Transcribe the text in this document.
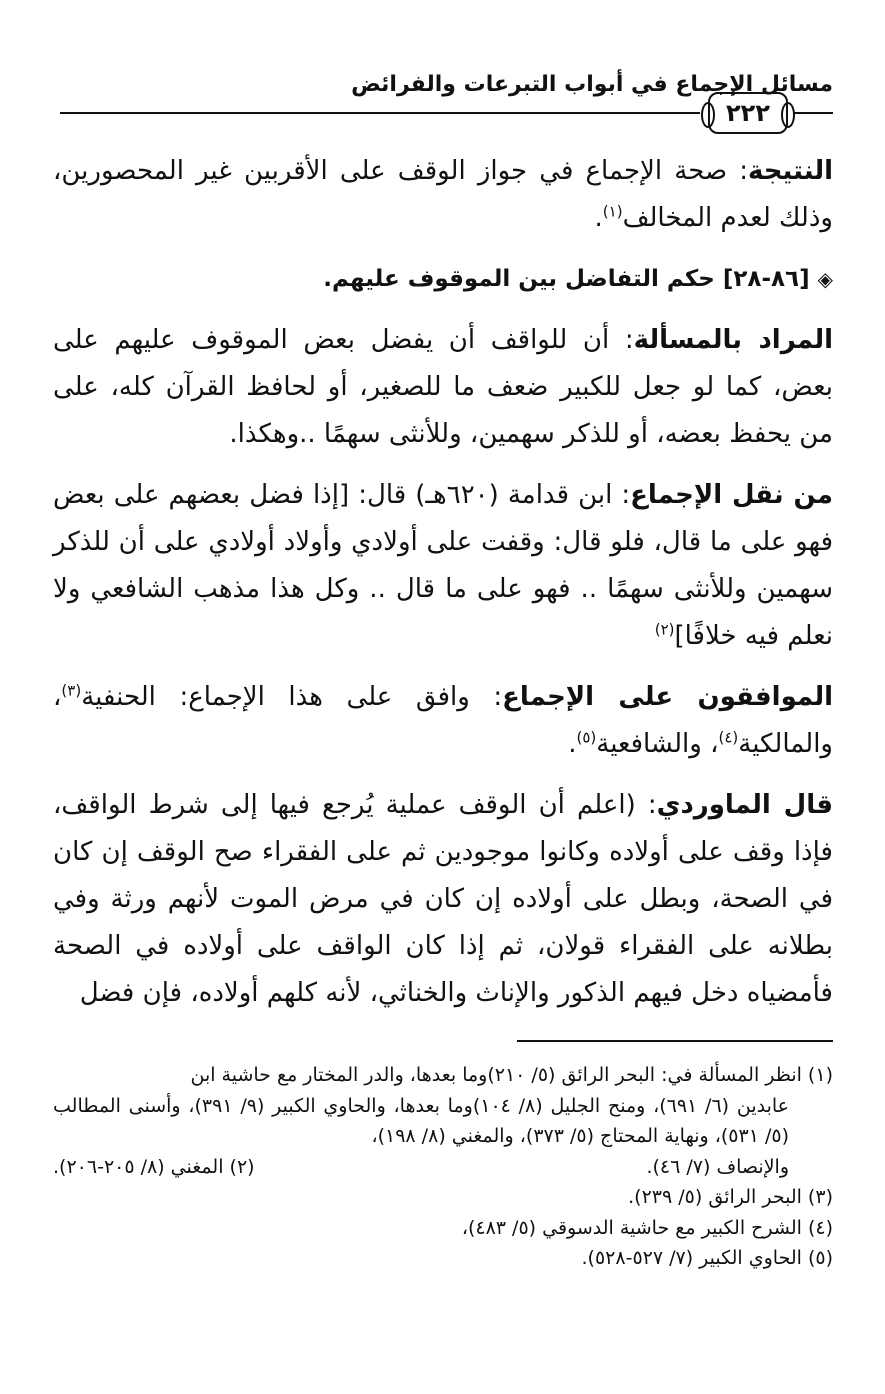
مسائل الإجماع في أبواب التبرعات والفرائض
٢٢٢

النتيجة: صحة الإجماع في جواز الوقف على الأقربين غير المحصورين، وذلك لعدم المخالف$^{(١)}$.

◈ [٨٦-٢٨] حكم التفاضل بين الموقوف عليهم.

المراد بالمسألة: أن للواقف أن يفضل بعض الموقوف عليهم على بعض، كما لو جعل للكبير ضعف ما للصغير، أو لحافظ القرآن كله، على من يحفظ بعضه، أو للذكر سهمين، وللأنثى سهمًا ..وهكذا.

من نقل الإجماع: ابن قدامة (٦٢٠هـ) قال: [إذا فضل بعضهم على بعض فهو على ما قال، فلو قال: وقفت على أولادي وأولاد أولادي على أن للذكر سهمين وللأنثى سهمًا .. فهو على ما قال .. وكل هذا مذهب الشافعي ولا نعلم فيه خلافًا]$^{(٢)}$

الموافقون على الإجماع: وافق على هذا الإجماع: الحنفية$^{(٣)}$، والمالكية$^{(٤)}$، والشافعية$^{(٥)}$.

قال الماوردي: (اعلم أن الوقف عملية يُرجع فيها إلى شرط الواقف، فإذا وقف على أولاده وكانوا موجودين ثم على الفقراء صح الوقف إن كان في الصحة، وبطل على أولاده إن كان في مرض الموت لأنهم ورثة وفي بطلانه على الفقراء قولان، ثم إذا كان الواقف على أولاده في الصحة فأمضياه دخل فيهم الذكور والإناث والخناثي، لأنه كلهم أولاده، فإن فضل

(١) انظر المسألة في: البحر الرائق (٥/ ٢١٠)وما بعدها، والدر المختار مع حاشية ابن

عابدين (٦/ ٦٩١)، ومنح الجليل (٨/ ١٠٤)وما بعدها، والحاوي الكبير (٩/ ٣٩١)، وأسنى المطالب (٥/ ٥٣١)، ونهاية المحتاج (٥/ ٣٧٣)، والمغني (٨/ ١٩٨)،

والإنصاف (٧/ ٤٦).
(٢) المغني (٨/ ٢٠٥-٢٠٦).

(٣) البحر الرائق (٥/ ٢٣٩).

(٤) الشرح الكبير مع حاشية الدسوقي (٥/ ٤٨٣)،

(٥) الحاوي الكبير (٧/ ٥٢٧-٥٢٨).
